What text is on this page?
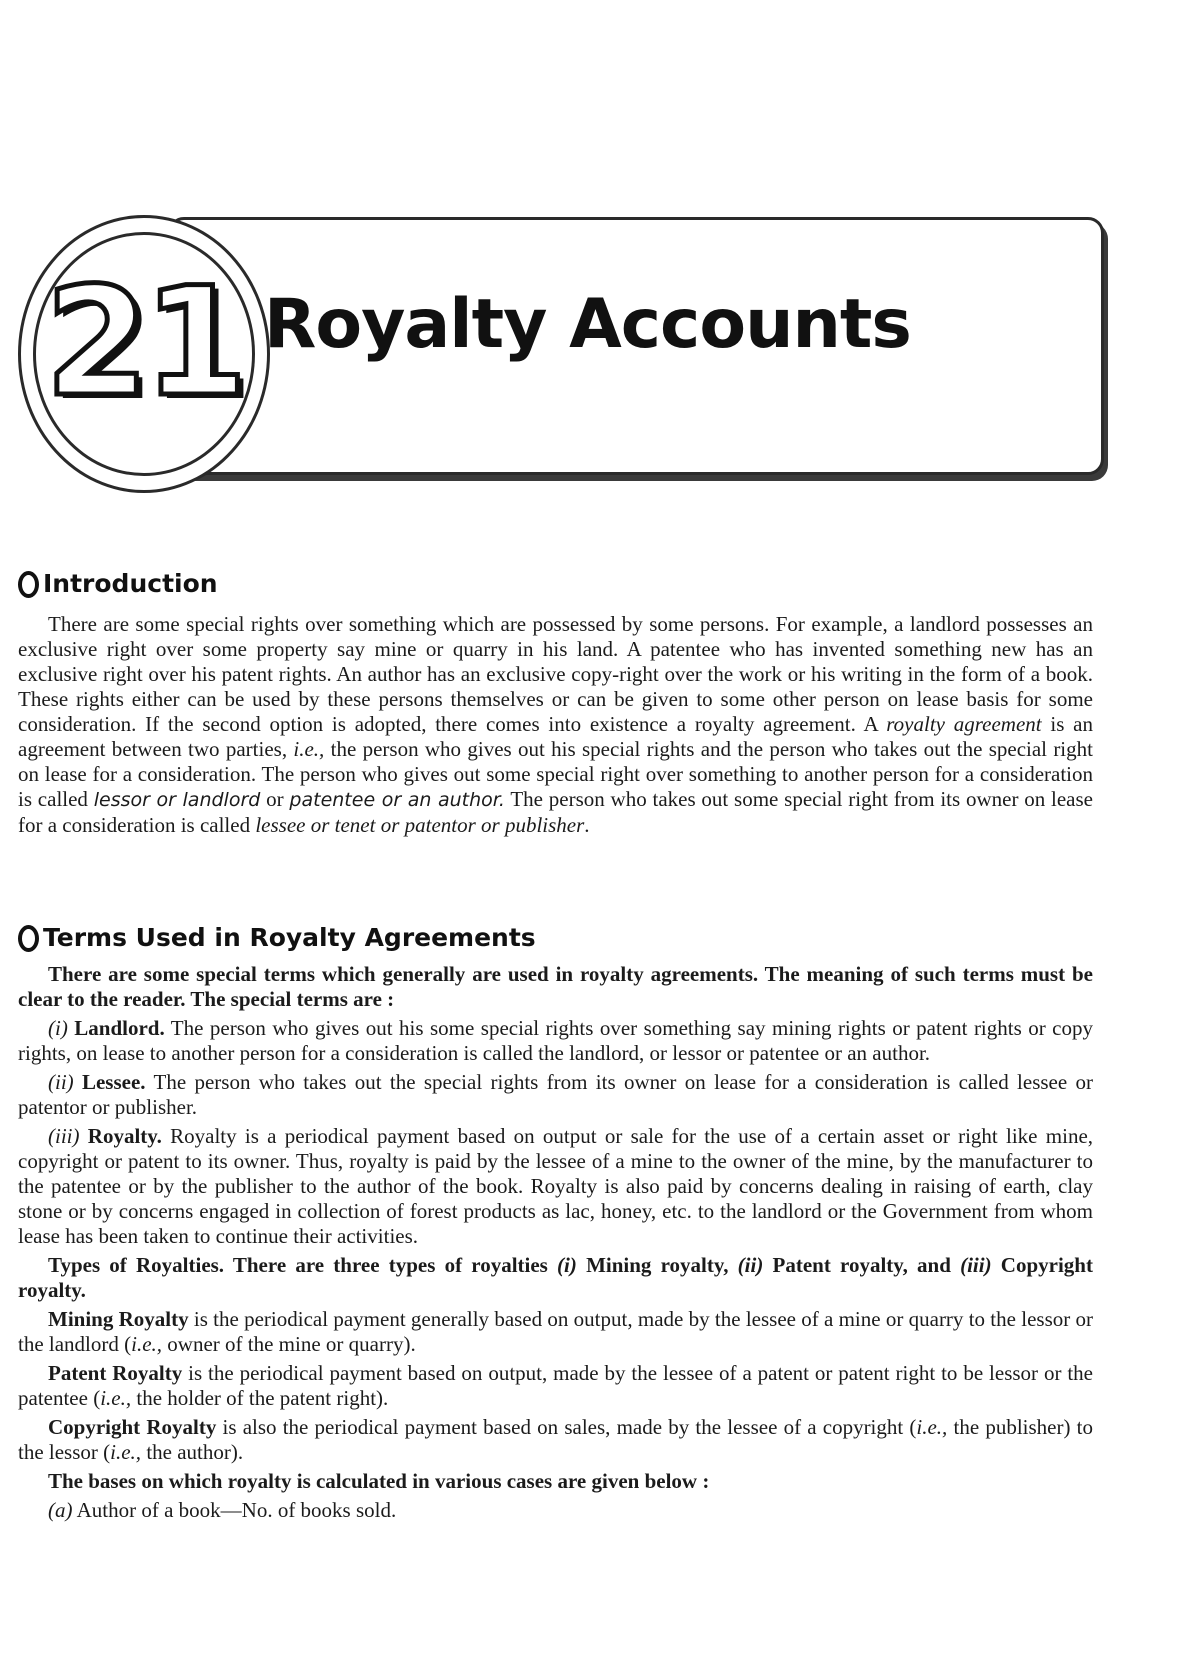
21 Royalty Accounts
Introduction

There are some special rights over something which are possessed by some persons. For example, a landlord possesses an exclusive right over some property say mine or quarry in his land. A patentee who has invented something new has an exclusive right over his patent rights. An author has an exclusive copy-right over the work or his writing in the form of a book. These rights either can be used by these persons themselves or can be given to some other person on lease basis for some consideration. If the second option is adopted, there comes into existence a royalty agreement. A royalty agreement is an agreement between two parties, i.e., the person who gives out his special rights and the person who takes out the special right on lease for a consideration. The person who gives out some special right over something to another person for a consideration is called lessor or landlord or patentee or an author. The person who takes out some special right from its owner on lease for a consideration is called lessee or tenet or patentor or publisher.

Terms Used in Royalty Agreements

There are some special terms which generally are used in royalty agreements. The meaning of such terms must be clear to the reader. The special terms are :

(i) Landlord. The person who gives out his some special rights over something say mining rights or patent rights or copy rights, on lease to another person for a consideration is called the landlord, or lessor or patentee or an author.

(ii) Lessee. The person who takes out the special rights from its owner on lease for a consideration is called lessee or patentor or publisher.

(iii) Royalty. Royalty is a periodical payment based on output or sale for the use of a certain asset or right like mine, copyright or patent to its owner. Thus, royalty is paid by the lessee of a mine to the owner of the mine, by the manufacturer to the patentee or by the publisher to the author of the book. Royalty is also paid by concerns dealing in raising of earth, clay stone or by concerns engaged in collection of forest products as lac, honey, etc. to the landlord or the Government from whom lease has been taken to continue their activities.

Types of Royalties. There are three types of royalties (i) Mining royalty, (ii) Patent royalty, and (iii) Copyright royalty.

Mining Royalty is the periodical payment generally based on output, made by the lessee of a mine or quarry to the lessor or the landlord (i.e., owner of the mine or quarry).

Patent Royalty is the periodical payment based on output, made by the lessee of a patent or patent right to be lessor or the patentee (i.e., the holder of the patent right).

Copyright Royalty is also the periodical payment based on sales, made by the lessee of a copyright (i.e., the publisher) to the lessor (i.e., the author).

The bases on which royalty is calculated in various cases are given below :

(a) Author of a book—No. of books sold.
